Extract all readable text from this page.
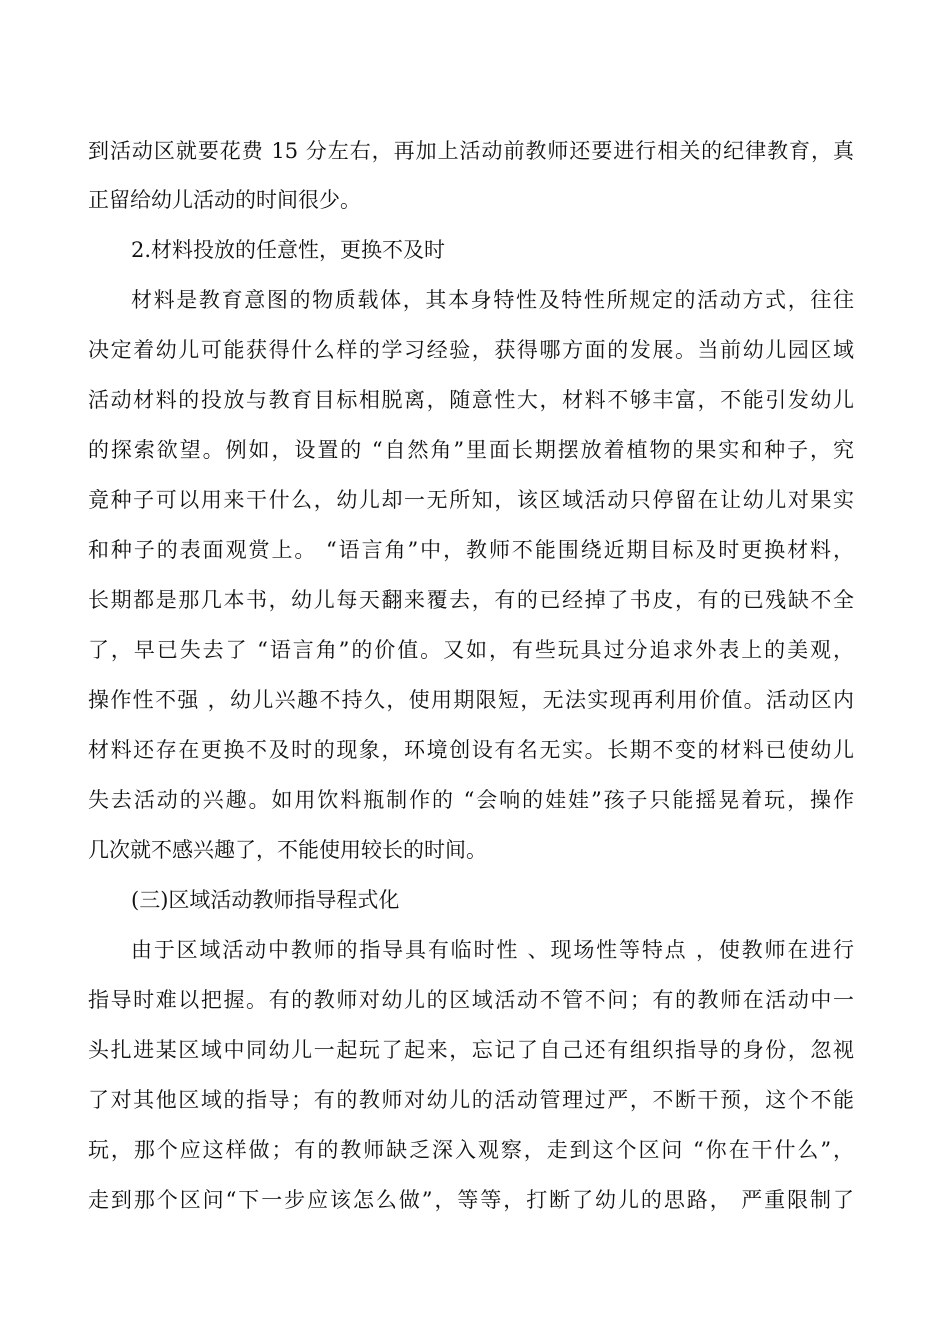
到活动区就要花费 15 分左右，再加上活动前教师还要进行相关的纪律教育，真
正留给幼儿活动的时间很少。
2.材料投放的任意性，更换不及时
材料是教育意图的物质载体，其本身特性及特性所规定的活动方式，往往
决定着幼儿可能获得什么样的学习经验，获得哪方面的发展。当前幼儿园区域
活动材料的投放与教育目标相脱离，随意性大，材料不够丰富，不能引发幼儿
的探索欲望。例如，设置的 “自然角”里面长期摆放着植物的果实和种子，究
竟种子可以用来干什么，幼儿却一无所知，该区域活动只停留在让幼儿对果实
和种子的表面观赏上。 “语言角”中，教师不能围绕近期目标及时更换材料，
长期都是那几本书，幼儿每天翻来覆去，有的已经掉了书皮，有的已残缺不全
了，早已失去了 “语言角”的价值。又如，有些玩具过分追求外表上的美观，
操作性不强 ，幼儿兴趣不持久，使用期限短，无法实现再利用价值。活动区内
材料还存在更换不及时的现象，环境创设有名无实。长期不变的材料已使幼儿
失去活动的兴趣。如用饮料瓶制作的 “会响的娃娃”孩子只能摇晃着玩，操作
几次就不感兴趣了，不能使用较长的时间。
(三)区域活动教师指导程式化
由于区域活动中教师的指导具有临时性 、现场性等特点 ，使教师在进行
指导时难以把握。有的教师对幼儿的区域活动不管不问；有的教师在活动中一
头扎进某区域中同幼儿一起玩了起来，忘记了自己还有组织指导的身份，忽视
了对其他区域的指导；有的教师对幼儿的活动管理过严，不断干预，这个不能
玩，那个应这样做；有的教师缺乏深入观察，走到这个区问 “你在干什么”，
走到那个区问“下一步应该怎么做”，等等，打断了幼儿的思路， 严重限制了
